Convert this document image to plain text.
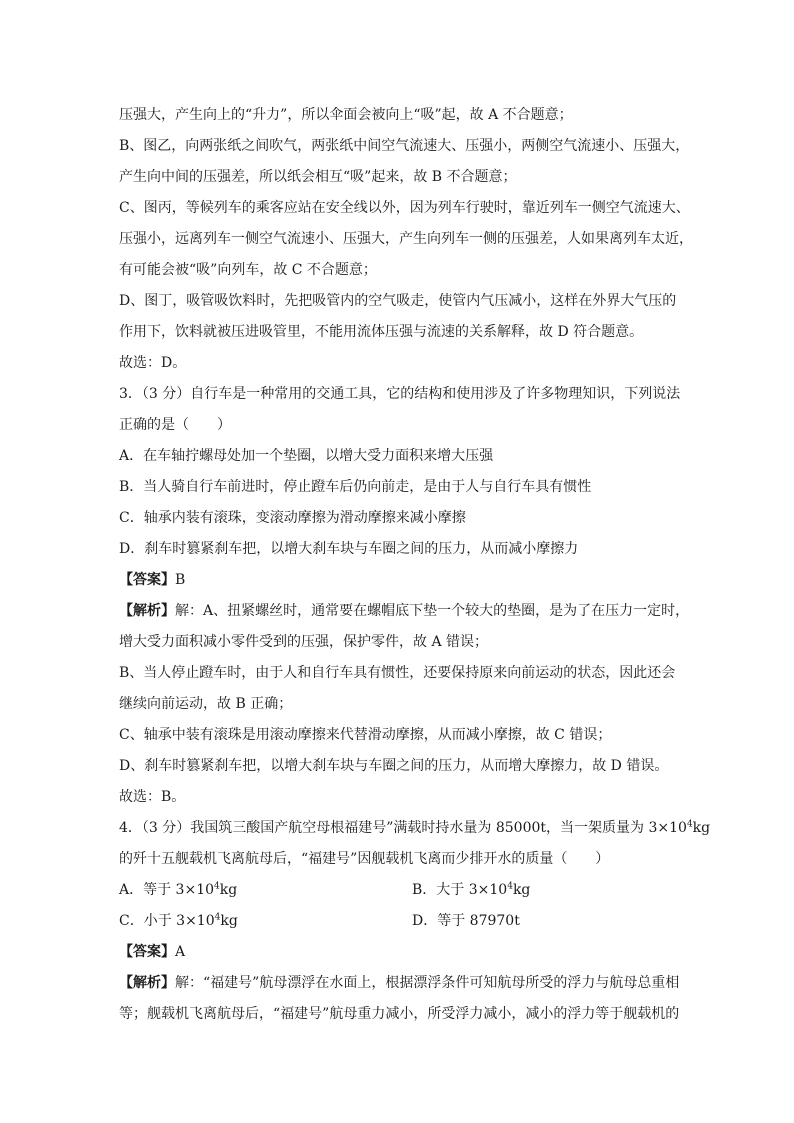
压强大，产生向上的“升力”，所以伞面会被向上“吸”起，故 A 不合题意；
B、图乙，向两张纸之间吹气，两张纸中间空气流速大、压强小，两侧空气流速小、压强大，
产生向中间的压强差，所以纸会相互“吸”起来，故 B 不合题意；
C、图丙，等候列车的乘客应站在安全线以外，因为列车行驶时，靠近列车一侧空气流速大、
压强小，远离列车一侧空气流速小、压强大，产生向列车一侧的压强差，人如果离列车太近，
有可能会被“吸”向列车，故 C 不合题意；
D、图丁，吸管吸饮料时，先把吸管内的空气吸走，使管内气压减小，这样在外界大气压的
作用下，饮料就被压进吸管里，不能用流体压强与流速的关系解释，故 D 符合题意。
故选：D。
3．（3 分）自行车是一种常用的交通工具，它的结构和使用涉及了许多物理知识，下列说法
正确的是（　　）
A．在车轴拧螺母处加一个垫圈，以增大受力面积来增大压强
B．当人骑自行车前进时，停止蹬车后仍向前走，是由于人与自行车具有惯性
C．轴承内装有滚珠，变滚动摩擦为滑动摩擦来减小摩擦
D．刹车时篡紧刹车把，以增大刹车块与车圈之间的压力，从而减小摩擦力
【答案】B
【解析】解：A、扭紧螺丝时，通常要在螺帽底下垫一个较大的垫圈，是为了在压力一定时，
增大受力面积减小零件受到的压强，保护零件，故 A 错误；
B、当人停止蹬车时，由于人和自行车具有惯性，还要保持原来向前运动的状态，因此还会
继续向前运动，故 B 正确；
C、轴承中装有滚珠是用滚动摩擦来代替滑动摩擦，从而减小摩擦，故 C 错误；
D、刹车时篡紧刹车把，以增大刹车块与车圈之间的压力，从而增大摩擦力，故 D 错误。
故选：B。
4．（3 分）我国筑三酸国产航空母根福建号”满载时持水量为 85000t，当一架质量为 $3\times 10^4kg$
的歼十五舰载机飞离航母后，“福建号”因舰载机飞离而少排开水的质量（　　）
A．等于 $3\times 10^4kg$	B．大于 $3\times 10^4kg$
C．小于 $3\times 10^4kg$	D．等于 87970t
【答案】A
【解析】解：“福建号”航母漂浮在水面上，根据漂浮条件可知航母所受的浮力与航母总重相
等；舰载机飞离航母后，“福建号”航母重力减小，所受浮力减小，减小的浮力等于舰载机的
